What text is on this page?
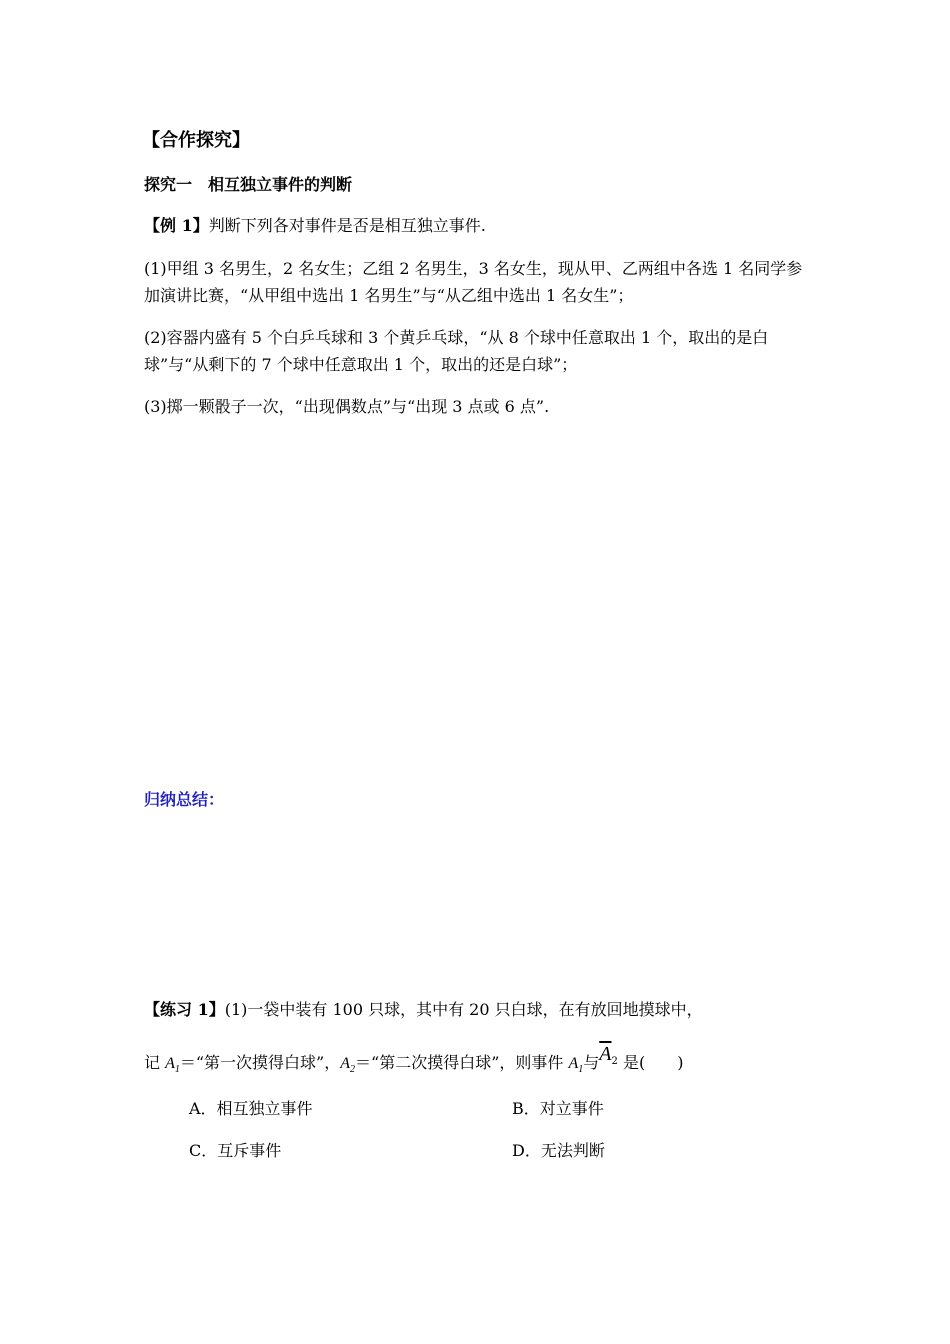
【合作探究】
探究一　相互独立事件的判断
【例 1】判断下列各对事件是否是相互独立事件.
(1)甲组 3 名男生，2 名女生；乙组 2 名男生，3 名女生，现从甲、乙两组中各选 1 名同学参
加演讲比赛，“从甲组中选出 1 名男生”与“从乙组中选出 1 名女生”；
(2)容器内盛有 5 个白乒乓球和 3 个黄乒乓球，“从 8 个球中任意取出 1 个，取出的是白
球”与“从剩下的 7 个球中任意取出 1 个，取出的还是白球”；
(3)掷一颗骰子一次，“出现偶数点”与“出现 3 点或 6 点”.
归纳总结：
【练习 1】(1)一袋中装有 100 只球，其中有 20 只白球，在有放回地摸球中，
记 $A_1=“$第一次摸得白球”，$A_2=“$第二次摸得白球”，则事件 $A_1$与$\overline{A}_2$ 是(　　)
A．相互独立事件	B．对立事件
C．互斥事件	D．无法判断
